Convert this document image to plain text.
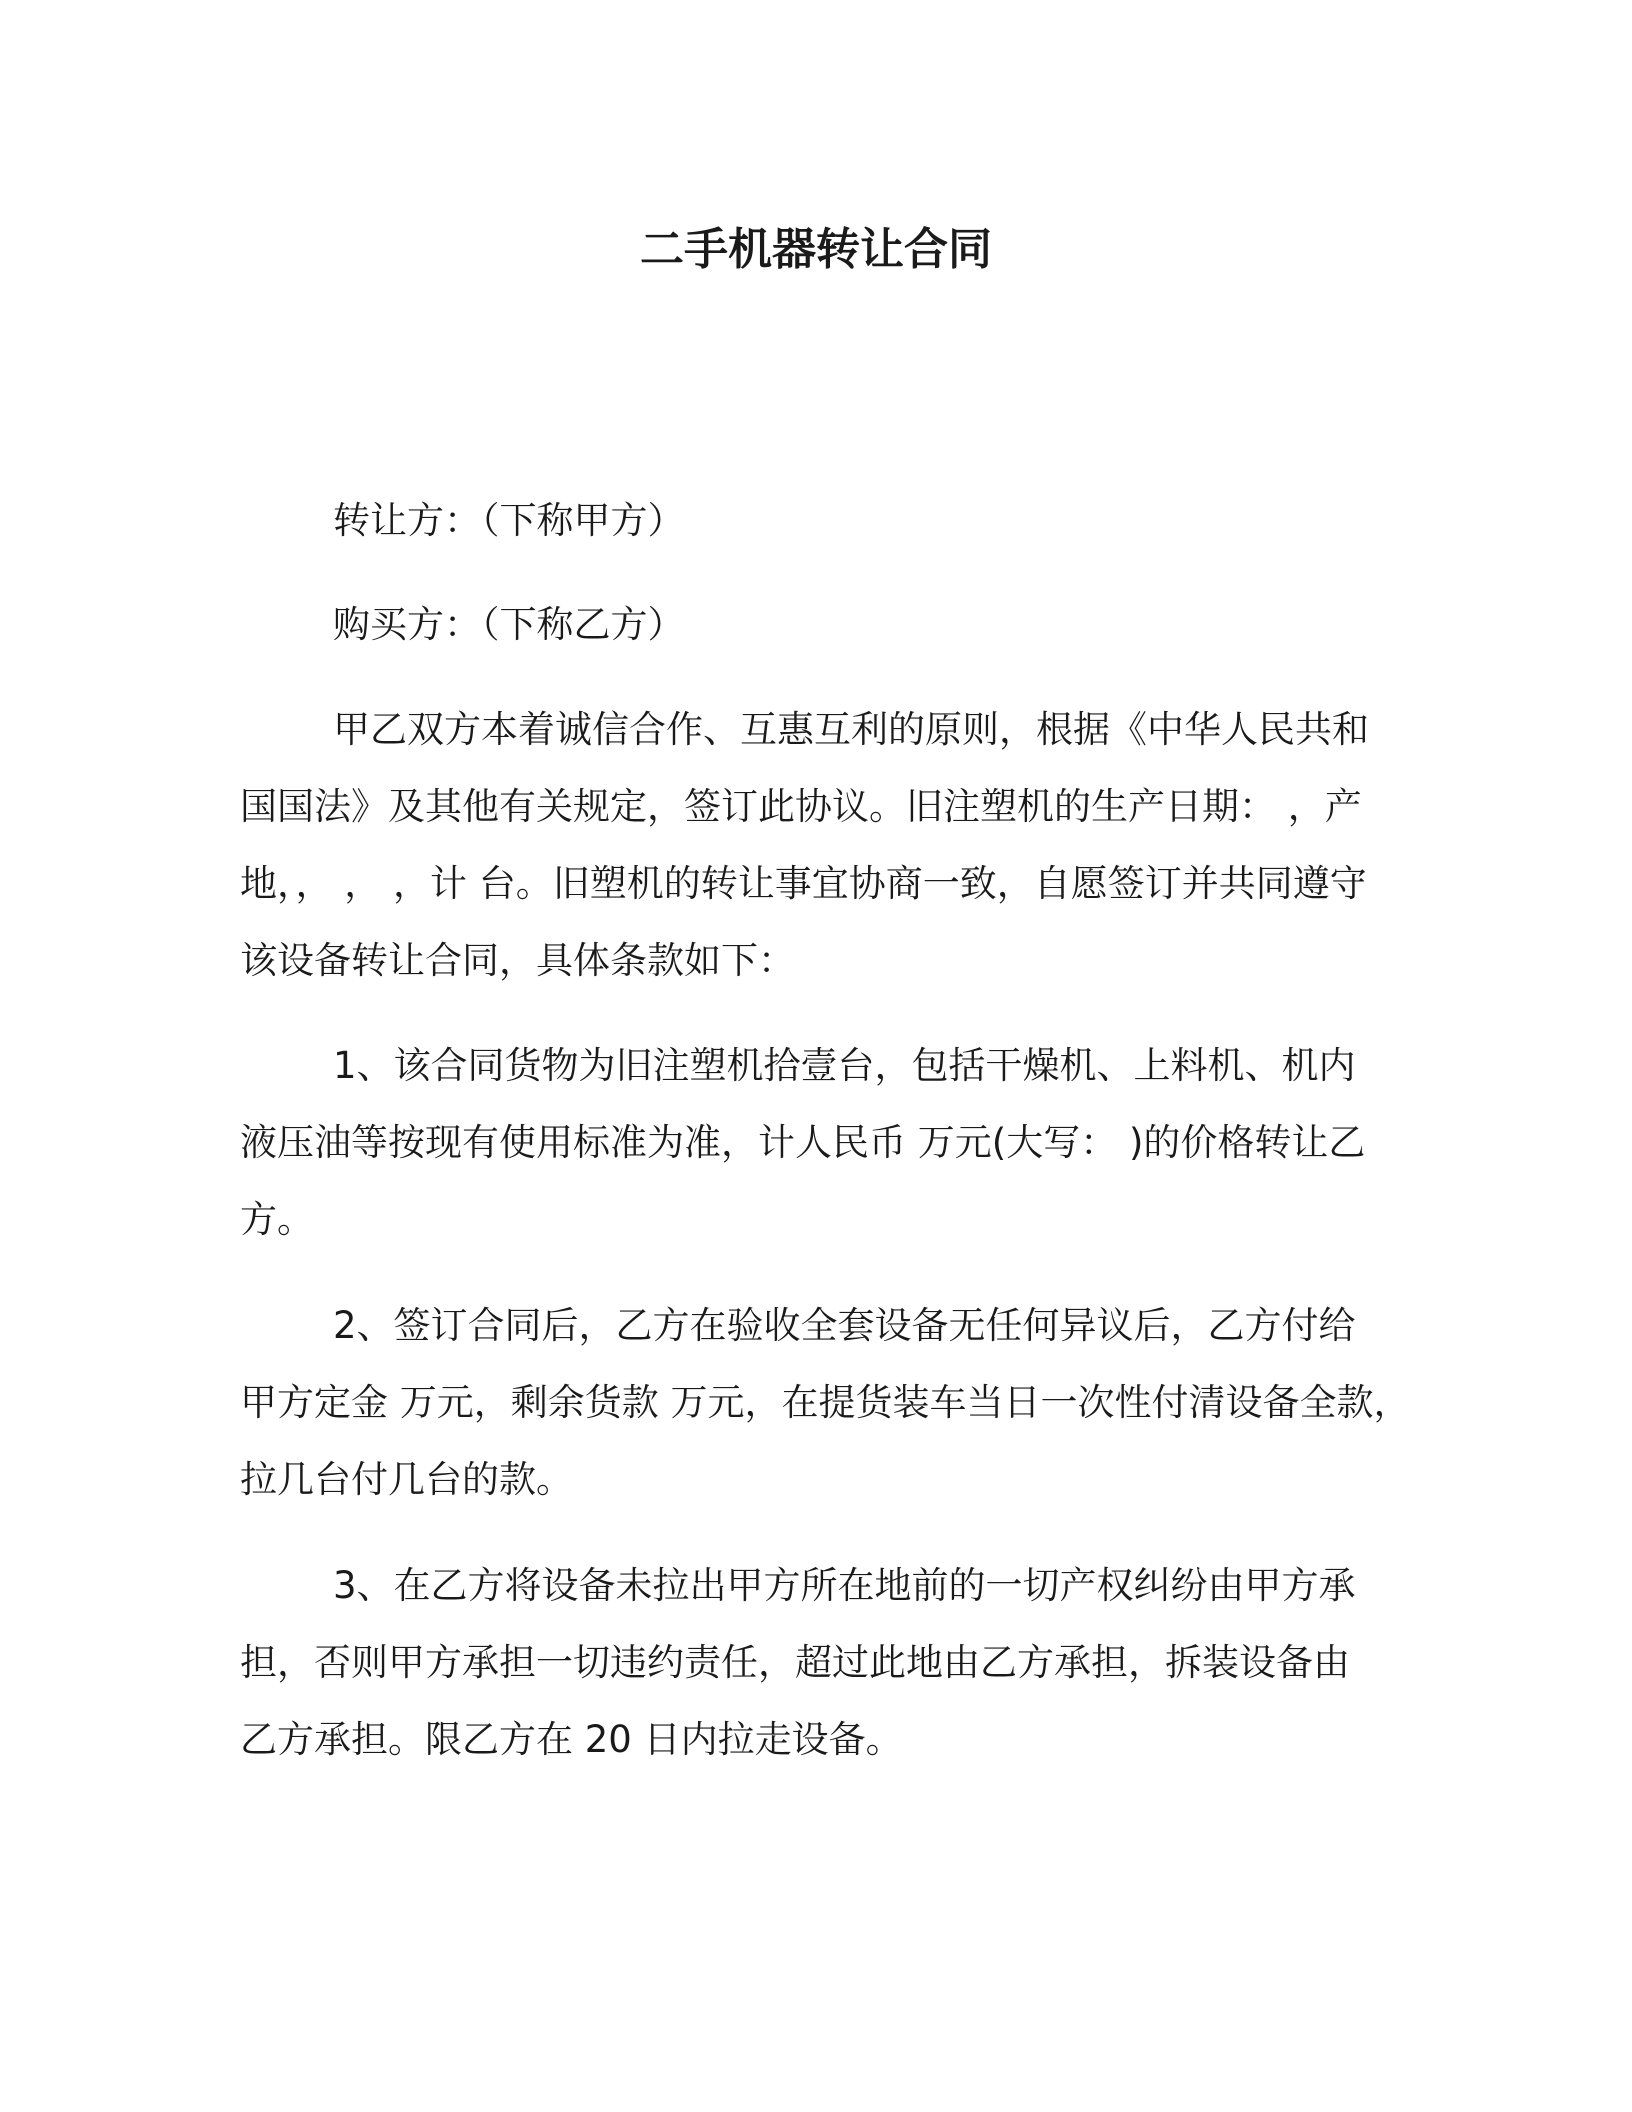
二手机器转让合同

转让方：（下称甲方）

购买方：（下称乙方）

甲乙双方本着诚信合作、互惠互利的原则，根据《中华人民共和
国国法》及其他有关规定，签订此协议。旧注塑机的生产日期： ，产
地，， ， ，计 台。旧塑机的转让事宜协商一致，自愿签订并共同遵守
该设备转让合同，具体条款如下：
1、该合同货物为旧注塑机拾壹台，包括干燥机、上料机、机内
液压油等按现有使用标准为准，计人民币 万元(大写： )的价格转让乙
方。
2、签订合同后，乙方在验收全套设备无任何异议后，乙方付给
甲方定金 万元，剩余货款 万元，在提货装车当日一次性付清设备全款，
拉几台付几台的款。
3、在乙方将设备未拉出甲方所在地前的一切产权纠纷由甲方承
担，否则甲方承担一切违约责任，超过此地由乙方承担，拆装设备由
乙方承担。限乙方在 20 日内拉走设备。
